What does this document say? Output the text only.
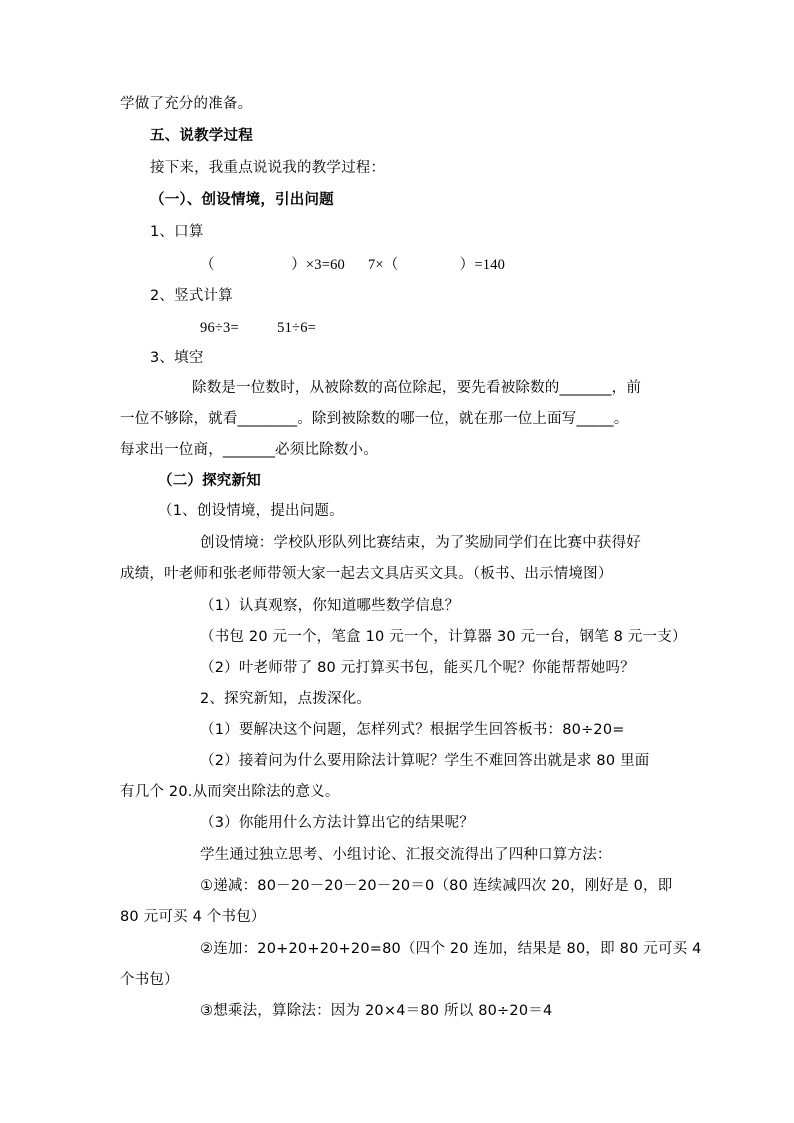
学做了充分的准备。
五、说教学过程
接下来，我重点说说我的教学过程：
（一）、创设情境，引出问题
1、口算
（                    ）×3=60      7×（                ）=140
2、竖式计算
96÷3=          51÷6=
3、填空
除数是一位数时，从被除数的高位除起，要先看被除数的_______，前
一位不够除，就看________。除到被除数的哪一位，就在那一位上面写_____。
每求出一位商，_______必须比除数小。
（二）探究新知
（1、创设情境，提出问题。
创设情境：学校队形队列比赛结束，为了奖励同学们在比赛中获得好
成绩，叶老师和张老师带领大家一起去文具店买文具。（板书、出示情境图）
（1）认真观察，你知道哪些数学信息？
（书包 20 元一个，笔盒 10 元一个，计算器 30 元一台，钢笔 8 元一支）
（2）叶老师带了 80 元打算买书包，能买几个呢？你能帮帮她吗？
2、探究新知，点拨深化。
（1）要解决这个问题，怎样列式？根据学生回答板书：80÷20=
（2）接着问为什么要用除法计算呢？学生不难回答出就是求 80 里面
有几个 20.从而突出除法的意义。
（3）你能用什么方法计算出它的结果呢？
学生通过独立思考、小组讨论、汇报交流得出了四种口算方法：
①递减：80－20－20－20－20＝0（80 连续减四次 20，刚好是 0，即
80 元可买 4 个书包）
②连加：20+20+20+20=80（四个 20 连加，结果是 80，即 80 元可买 4
个书包）
③想乘法，算除法：因为 20×4＝80 所以 80÷20＝4
